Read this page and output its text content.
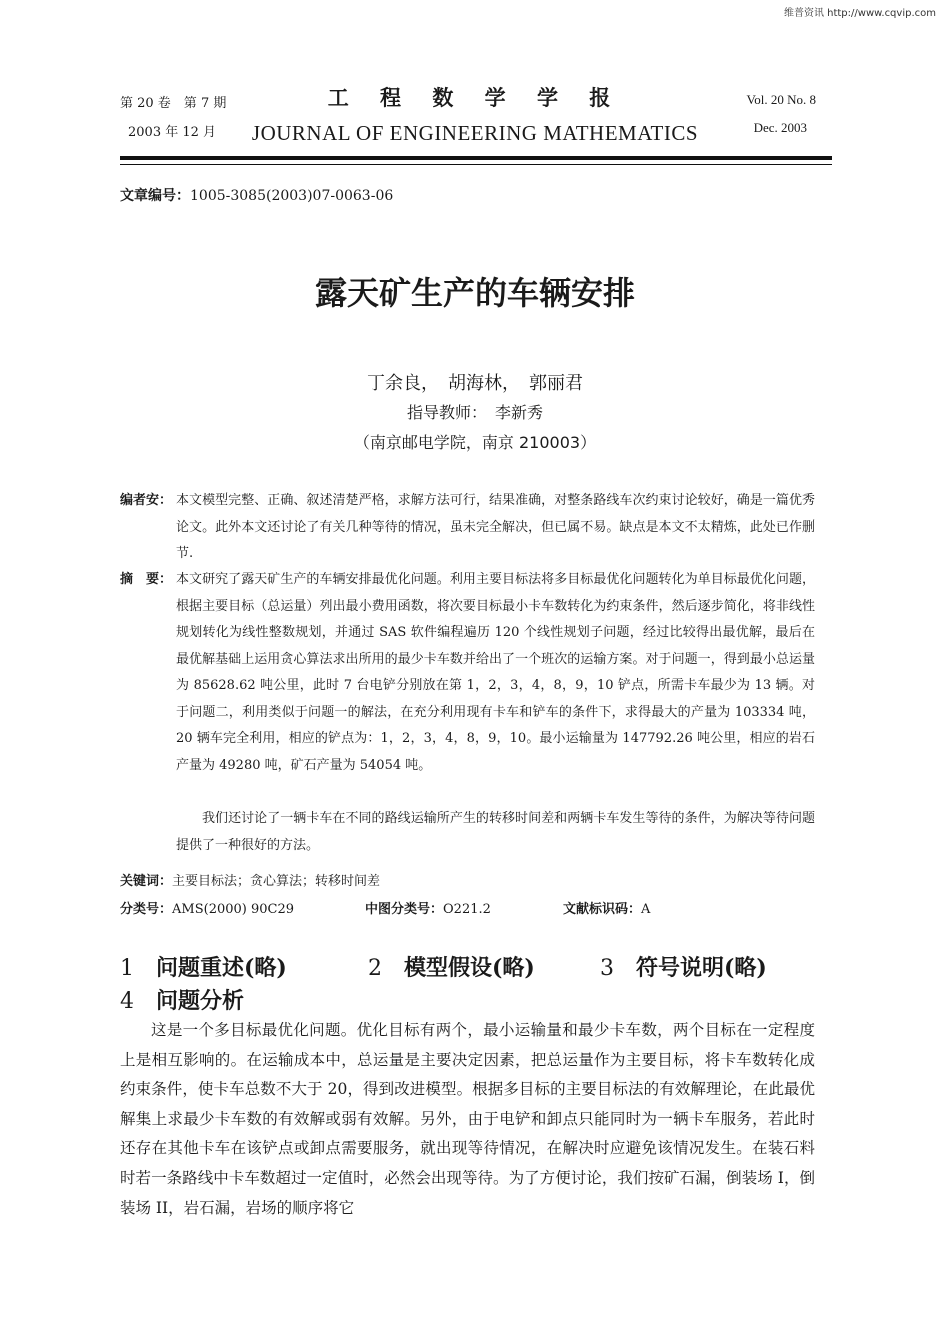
维普资讯 http://www.cqvip.com
第 20 卷　第 7 期
2003 年 12 月
工 程 数 学 学 报
JOURNAL OF ENGINEERING MATHEMATICS
Vol. 20 No. 8
Dec. 2003
文章编号：1005-3085(2003)07-0063-06
露天矿生产的车辆安排
丁余良，　胡海林，　郭丽君
指导教师：　李新秀
（南京邮电学院，南京 210003）
编者安： 本文模型完整、正确、叙述清楚严格，求解方法可行，结果准确，对整条路线车次约束讨论较好，确是一篇优秀论文。此外本文还讨论了有关几种等待的情况，虽未完全解决，但已属不易。缺点是本文不太精炼，此处已作删节.
摘　要： 本文研究了露天矿生产的车辆安排最优化问题。利用主要目标法将多目标最优化问题转化为单目标最优化问题，根据主要目标（总运量）列出最小费用函数，将次要目标最小卡车数转化为约束条件，然后逐步简化，将非线性规划转化为线性整数规划，并通过 SAS 软件编程遍历 120 个线性规划子问题，经过比较得出最优解，最后在最优解基础上运用贪心算法求出所用的最少卡车数并给出了一个班次的运输方案。对于问题一，得到最小总运量为 85628.62 吨公里，此时 7 台电铲分别放在第 1，2，3，4，8，9，10 铲点，所需卡车最少为 13 辆。对于问题二，利用类似于问题一的解法，在充分利用现有卡车和铲车的条件下，求得最大的产量为 103334 吨，20 辆车完全利用，相应的铲点为：1，2，3，4，8，9，10。最小运输量为 147792.26 吨公里，相应的岩石产量为 49280 吨，矿石产量为 54054 吨。
我们还讨论了一辆卡车在不同的路线运输所产生的转移时间差和两辆卡车发生等待的条件，为解决等待问题提供了一种很好的方法。
关键词：主要目标法；贪心算法；转移时间差
分类号：AMS(2000) 90C29	中图分类号：O221.2	文献标识码：A
1 问题重述(略)	2 模型假设(略)	3 符号说明(略)
4 问题分析
这是一个多目标最优化问题。优化目标有两个，最小运输量和最少卡车数，两个目标在一定程度上是相互影响的。在运输成本中，总运量是主要决定因素，把总运量作为主要目标，将卡车数转化成约束条件，使卡车总数不大于 20，得到改进模型。根据多目标的主要目标法的有效解理论，在此最优解集上求最少卡车数的有效解或弱有效解。另外，由于电铲和卸点只能同时为一辆卡车服务，若此时还存在其他卡车在该铲点或卸点需要服务，就出现等待情况，在解决时应避免该情况发生。在装石料时若一条路线中卡车数超过一定值时，必然会出现等待。为了方便讨论，我们按矿石漏，倒装场 I，倒装场 II，岩石漏，岩场的顺序将它
